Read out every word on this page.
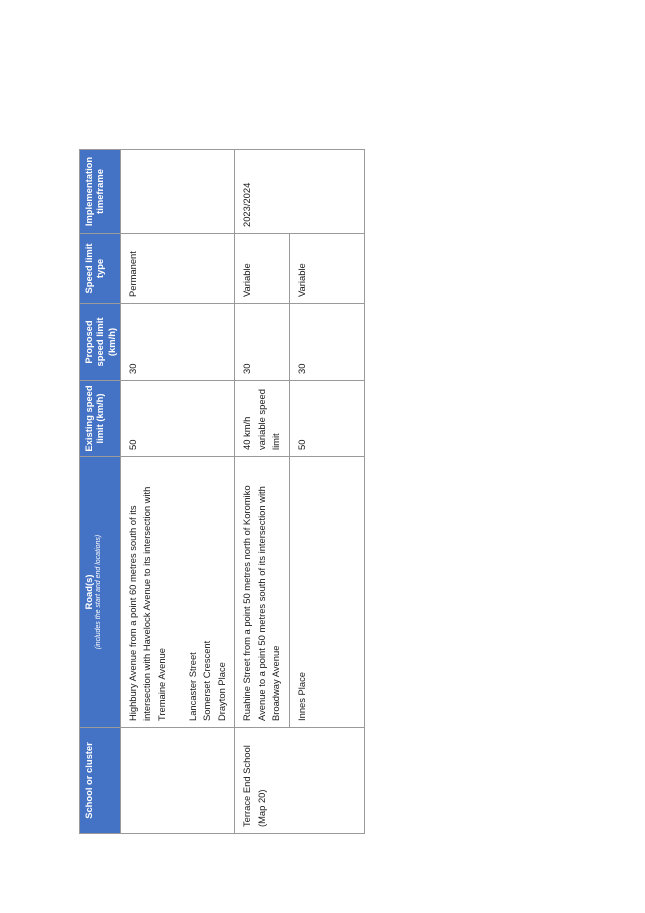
School or cluster	Road(s) (includes the start and end locations)	Existing speed limit (km/h)	Proposed speed limit (km/h)	Speed limit type	Implementation timeframe

	Highbury Avenue from a point 60 metres south of its intersection with Havelock Avenue to its intersection with Tremaine Avenue Lancaster Street Somerset Crescent Drayton Place	50	30	Permanent	
Terrace End School (Map 20)	Ruahine Street from a point 50 metres north of Koromiko Avenue to a point 50 metres south of its intersection with Broadway Avenue	40 km/h variable speed limit	30	Variable	2023/2024
	Innes Place	50	30	Variable	
